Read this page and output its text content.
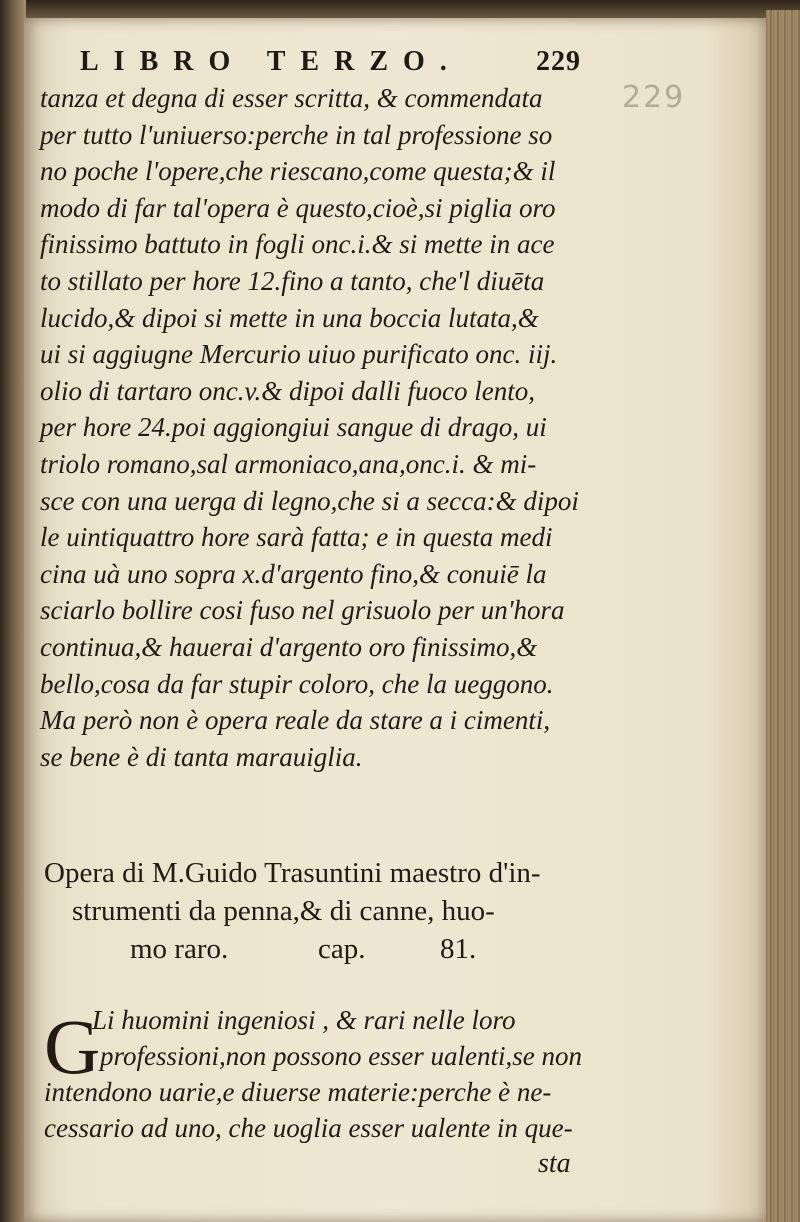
LIBRO TERZO.	229
229
tanza et degna di esser scritta, & commendata
per tutto l'uniuerso:perche in tal professione so
no poche l'opere,che riescano,come questa;& il
modo di far tal'opera è questo,cioè,si piglia oro
finissimo battuto in fogli onc.i.& si mette in ace
to stillato per hore 12.fino a tanto, che'l diuēta
lucido,& dipoi si mette in una boccia lutata,&
ui si aggiugne Mercurio uiuo purificato onc. iij.
olio di tartaro onc.v.& dipoi dalli fuoco lento,
per hore 24.poi aggiongiui sangue di drago, ui
triolo romano,sal armoniaco,ana,onc.i. & mi-
sce con una uerga di legno,che si a secca:& dipoi
le uintiquattro hore sarà fatta; e in questa medi
cina uà uno sopra x.d'argento fino,& conuiē la
sciarlo bollire cosi fuso nel grisuolo per un'hora
continua,& hauerai d'argento oro finissimo,&
bello,cosa da far stupir coloro, che la ueggono.
Ma però non è opera reale da stare a i cimenti,
se bene è di tanta marauiglia.
Opera di M.Guido Trasuntini maestro d'in-
strumenti da penna,& di canne, huo-
mo raro.	cap.	81.
G
Li huomini ingeniosi , & rari nelle loro
professioni,non possono esser ualenti,se non
intendono uarie,e diuerse materie:perche è ne-
cessario ad uno, che uoglia esser ualente in que-
sta
